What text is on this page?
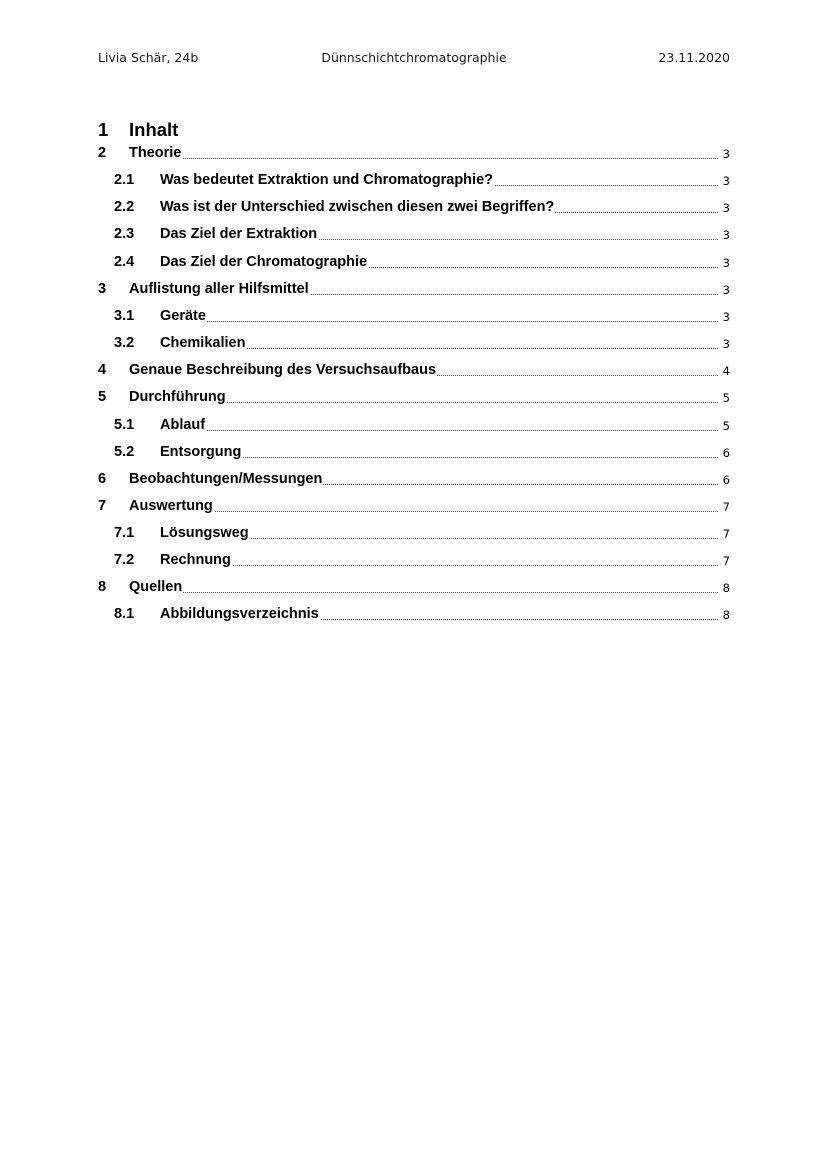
Livia Schär, 24b	Dünnschichtchromatographie	23.11.2020
1 Inhalt
2 Theorie	3
2.1 Was bedeutet Extraktion und Chromatographie?	3
2.2 Was ist der Unterschied zwischen diesen zwei Begriffen?	3
2.3 Das Ziel der Extraktion	3
2.4 Das Ziel der Chromatographie	3
3 Auflistung aller Hilfsmittel	3
3.1 Geräte	3
3.2 Chemikalien	3
4 Genaue Beschreibung des Versuchsaufbaus	4
5 Durchführung	5
5.1 Ablauf	5
5.2 Entsorgung	6
6 Beobachtungen/Messungen	6
7 Auswertung	7
7.1 Lösungsweg	7
7.2 Rechnung	7
8 Quellen	8
8.1 Abbildungsverzeichnis	8
